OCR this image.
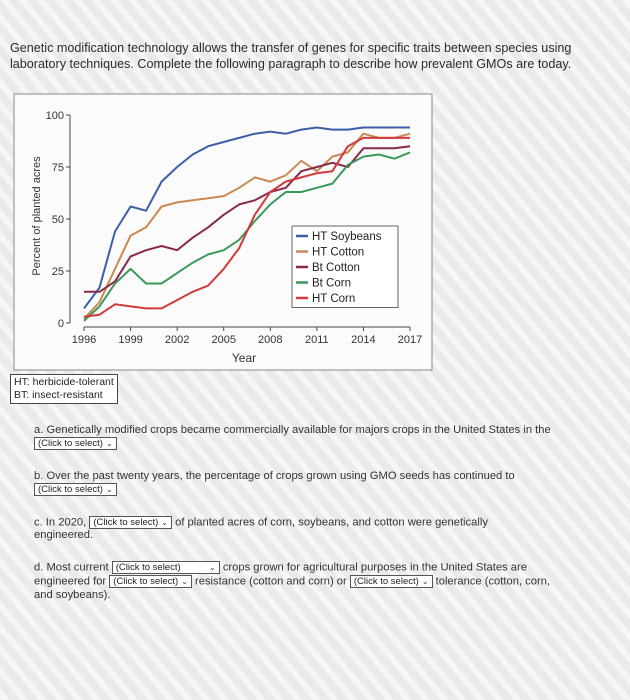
Genetic modification technology allows the transfer of genes for specific traits between species using laboratory techniques. Complete the following paragraph to describe how prevalent GMOs are today.
Percent of planted acres
Year
0
25
50
75
100
1996 1999 2002 2005 2008 2011 2014 2017
HT Soybeans
HT Cotton
Bt Cotton
Bt Corn
HT Corn
HT: herbicide-tolerant
BT: insect-resistant
a. Genetically modified crops became commercially available for majors crops in the United States in the

(Click to select) ⌄
b. Over the past twenty years, the percentage of crops grown using GMO seeds has continued to

(Click to select) ⌄
c. In 2020, (Click to select) ⌄ of planted acres of corn, soybeans, and cotton were genetically
engineered.
d. Most current (Click to select)	⌄ crops grown for agricultural purposes in the United States are
engineered for (Click to select) ⌄ resistance (cotton and corn) or (Click to select) ⌄ tolerance (cotton, corn,
and soybeans).
